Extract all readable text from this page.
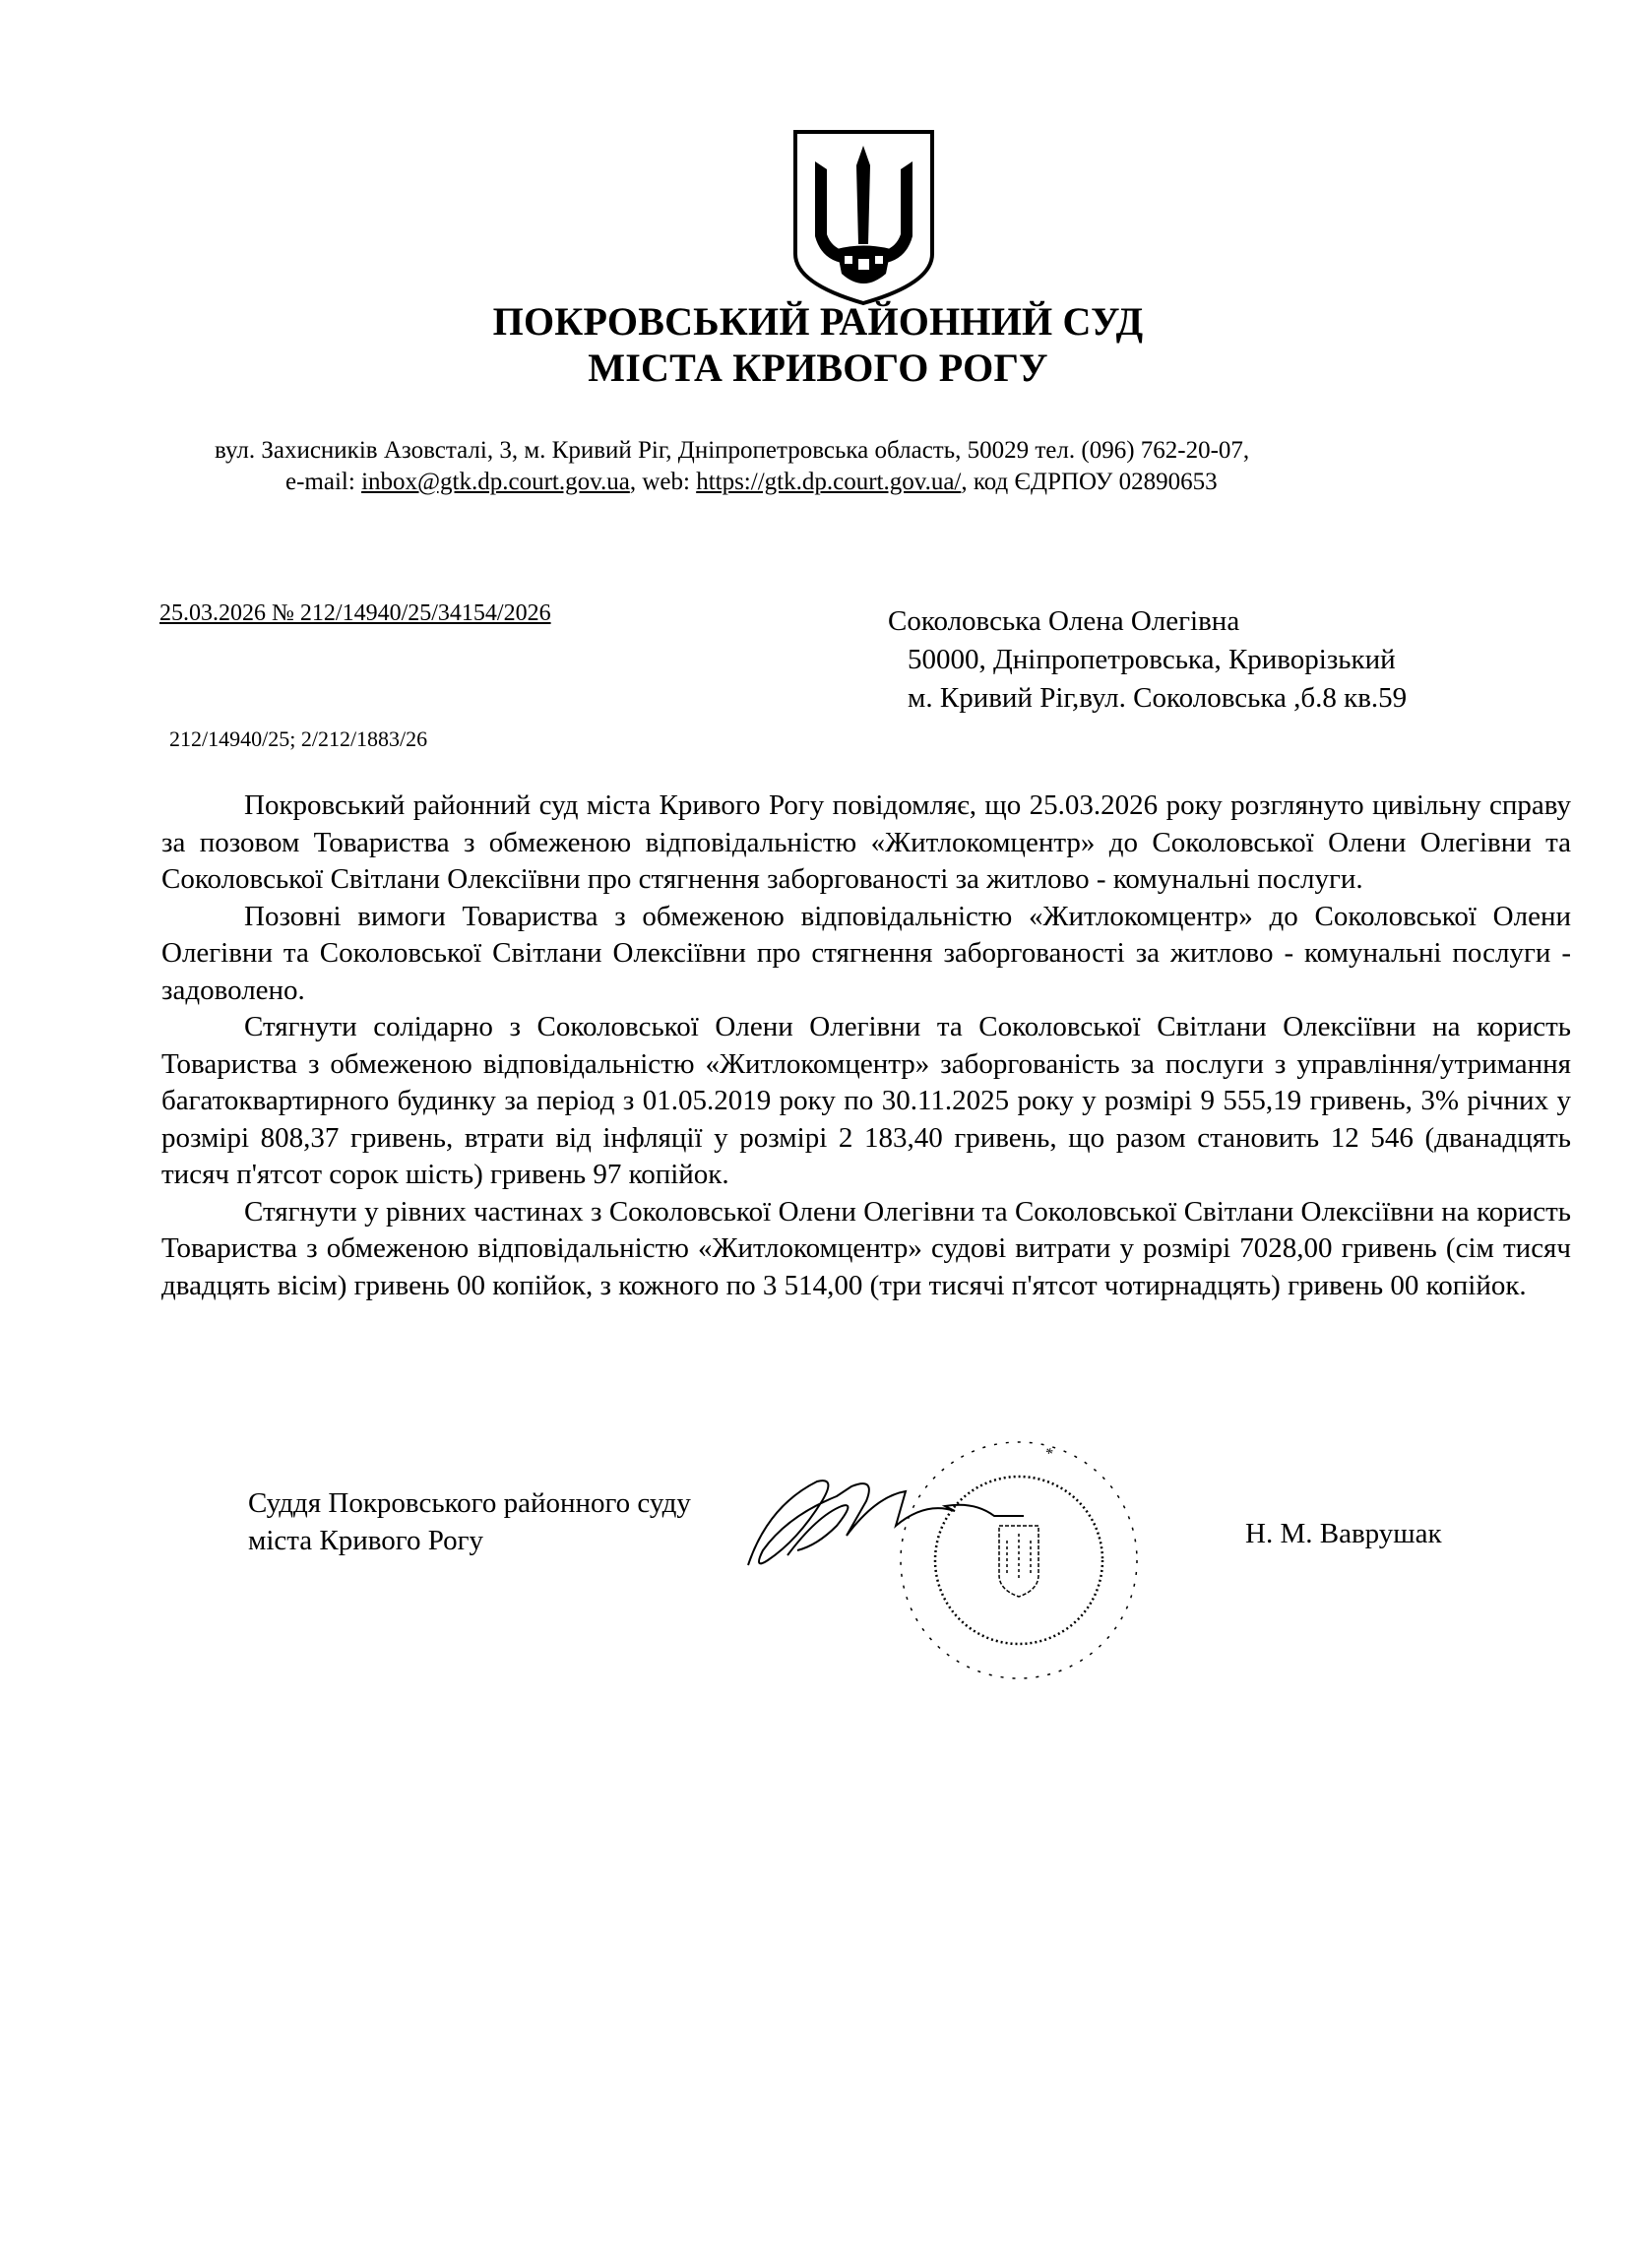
ПОКРОВСЬКИЙ РАЙОННИЙ СУД
МІСТА КРИВОГО РОГУ
вул. Захисників Азовсталі, 3, м. Кривий Ріг, Дніпропетровська область, 50029 тел. (096) 762-20-07,
e-mail: inbox@gtk.dp.court.gov.ua, web: https://gtk.dp.court.gov.ua/, код ЄДРПОУ 02890653
25.03.2026 № 212/14940/25/34154/2026
212/14940/25; 2/212/1883/26
Соколовська Олена Олегівна
50000, Дніпропетровська, Криворізький
м. Кривий Ріг,вул. Соколовська ,б.8 кв.59

Покровський районний суд міста Кривого Рогу повідомляє, що 25.03.2026 року розглянуто цивільну справу за позовом Товариства з обмеженою відповідальністю «Житлокомцентр» до Соколовської Олени Олегівни та Соколовської Світлани Олексіївни про стягнення заборгованості за житлово - комунальні послуги.

Позовні вимоги Товариства з обмеженою відповідальністю «Житлокомцентр» до Соколовської Олени Олегівни та Соколовської Світлани Олексіївни про стягнення заборгованості за житлово - комунальні послуги - задоволено.

Стягнути солідарно з Соколовської Олени Олегівни та Соколовської Світлани Олексіївни на користь Товариства з обмеженою відповідальністю «Житлокомцентр» заборгованість за послуги з управління/утримання багатоквартирного будинку за період з 01.05.2019 року по 30.11.2025 року у розмірі 9 555,19 гривень, 3% річних у розмірі 808,37 гривень, втрати від інфляції у розмірі 2 183,40 гривень, що разом становить 12 546 (дванадцять тисяч п'ятсот сорок шість) гривень 97 копійок.

Стягнути у рівних частинах з Соколовської Олени Олегівни та Соколовської Світлани Олексіївни на користь Товариства з обмеженою відповідальністю «Житлокомцентр» судові витрати у розмірі 7028,00 гривень (сім тисяч двадцять вісім) гривень 00 копійок, з кожного по 3 514,00 (три тисячі п'ятсот чотирнадцять) гривень 00 копійок.

Суддя Покровського районного суду
міста Кривого Рогу
*
Н. М. Ваврушак
